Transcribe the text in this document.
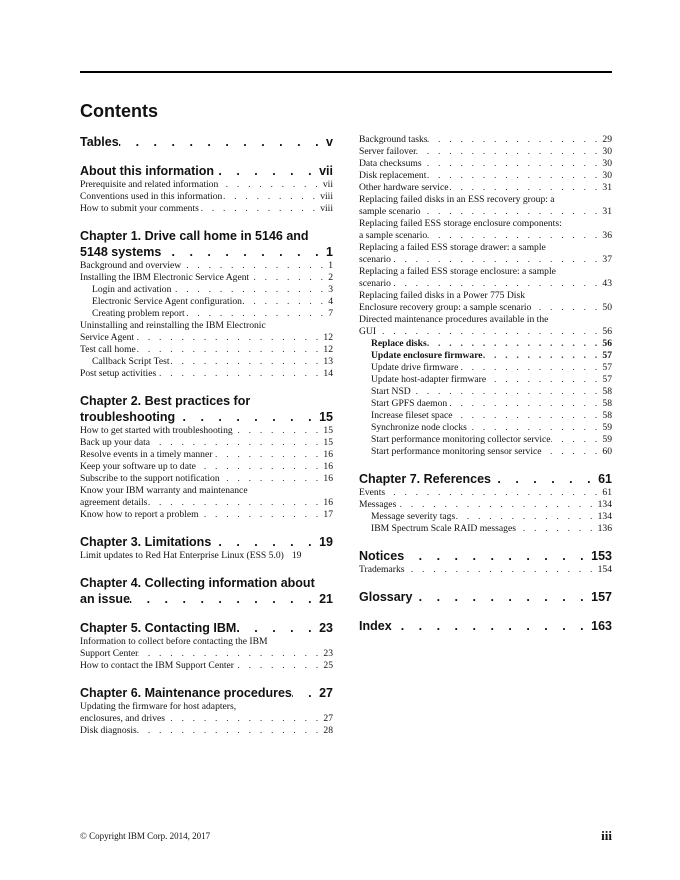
Contents
Tables . . .	v
About this information . . .	vii
Prerequisite and related information . . .	vii
Conventions used in this information . . .	viii
How to submit your comments . . .	viii
Chapter 1. Drive call home in 5146 and
5148 systems . . .	1
Background and overview . . .	1
Installing the IBM Electronic Service Agent . . .	2
Login and activation . . .	3
Electronic Service Agent configuration . . .	4
Creating problem report . . .	7
Uninstalling and reinstalling the IBM Electronic
Service Agent . . .	12
Test call home . . .	12
Callback Script Test . . .	13
Post setup activities . . .	14
Chapter 2. Best practices for
troubleshooting . . .	15
How to get started with troubleshooting . . .	15
Back up your data . . .	15
Resolve events in a timely manner . . .	16
Keep your software up to date . . .	16
Subscribe to the support notification . . .	16
Know your IBM warranty and maintenance
agreement details . . .	16
Know how to report a problem . . .	17
Chapter 3. Limitations . . .	19
Limit updates to Red Hat Enterprise Linux (ESS 5.0) 19
Chapter 4. Collecting information about
an issue . . .	21
Chapter 5. Contacting IBM . . .	23
Information to collect before contacting the IBM
Support Center . . .	23
How to contact the IBM Support Center . . .	25
Chapter 6. Maintenance procedures . . . 27
Updating the firmware for host adapters,
enclosures, and drives . . .	27
Disk diagnosis . . .	28
Background tasks . . .	29
Server failover . . .	30
Data checksums . . .	30
Disk replacement . . .	30
Other hardware service . . .	31
Replacing failed disks in an ESS recovery group: a
sample scenario . . .	31
Replacing failed ESS storage enclosure components:
a sample scenario . . .	36
Replacing a failed ESS storage drawer: a sample
scenario . . .	37
Replacing a failed ESS storage enclosure: a sample
scenario . . .	43
Replacing failed disks in a Power 775 Disk
Enclosure recovery group: a sample scenario . . .	50
Directed maintenance procedures available in the
GUI . . .	56
Replace disks . . .	56
Update enclosure firmware . . .	57
Update drive firmware . . .	57
Update host-adapter firmware . . .	57
Start NSD . . .	58
Start GPFS daemon . . .	58
Increase fileset space . . .	58
Synchronize node clocks . . .	59
Start performance monitoring collector service . . .	59
Start performance monitoring sensor service . . .	60
Chapter 7. References . . .	61
Events . . .	61
Messages . . .	134
Message severity tags . . .	134
IBM Spectrum Scale RAID messages . . .	136
Notices . . .	153
Trademarks . . .	154
Glossary . . .	157
Index . . .	163
© Copyright IBM Corp. 2014, 2017	iii
